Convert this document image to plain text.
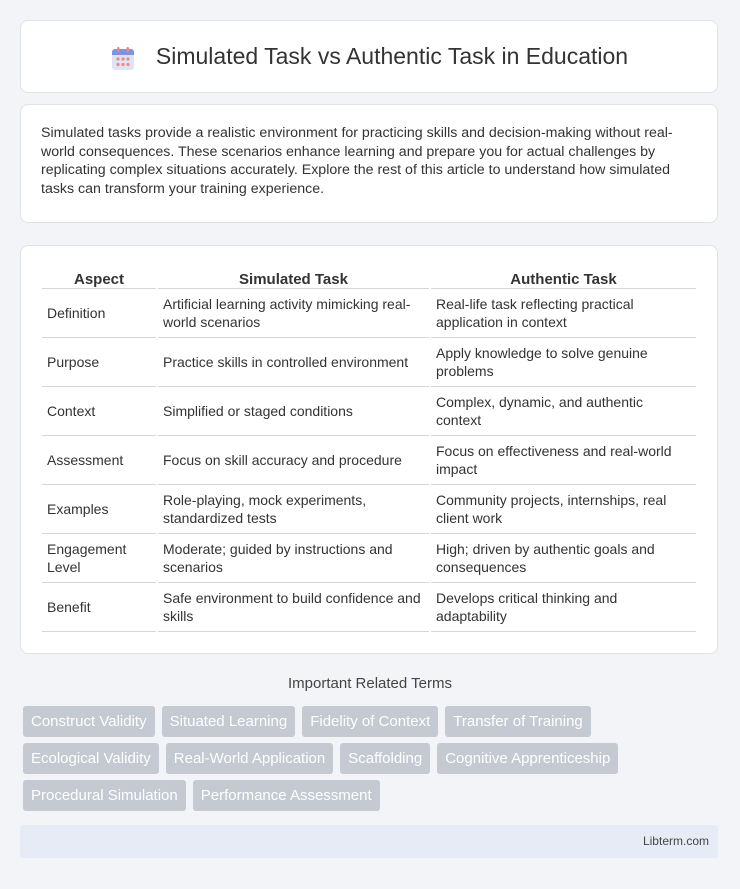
Simulated Task vs Authentic Task in Education

Simulated tasks provide a realistic environment for practicing skills and decision-making without real-world consequences. These scenarios enhance learning and prepare you for actual challenges by replicating complex situations accurately. Explore the rest of this article to understand how simulated tasks can transform your training experience.

Aspect	Simulated Task	Authentic Task
Definition	Artificial learning activity mimicking real-world scenarios	Real-life task reflecting practical application in context
Purpose	Practice skills in controlled environment	Apply knowledge to solve genuine problems
Context	Simplified or staged conditions	Complex, dynamic, and authentic context
Assessment	Focus on skill accuracy and procedure	Focus on effectiveness and real-world impact
Examples	Role-playing, mock experiments, standardized tests	Community projects, internships, real client work
Engagement Level	Moderate; guided by instructions and scenarios	High; driven by authentic goals and consequences
Benefit	Safe environment to build confidence and skills	Develops critical thinking and adaptability
Important Related Terms
Construct Validity Situated Learning Fidelity of Context Transfer of Training
Ecological Validity Real-World Application Scaffolding Cognitive Apprenticeship
Procedural Simulation Performance Assessment
Libterm.com
